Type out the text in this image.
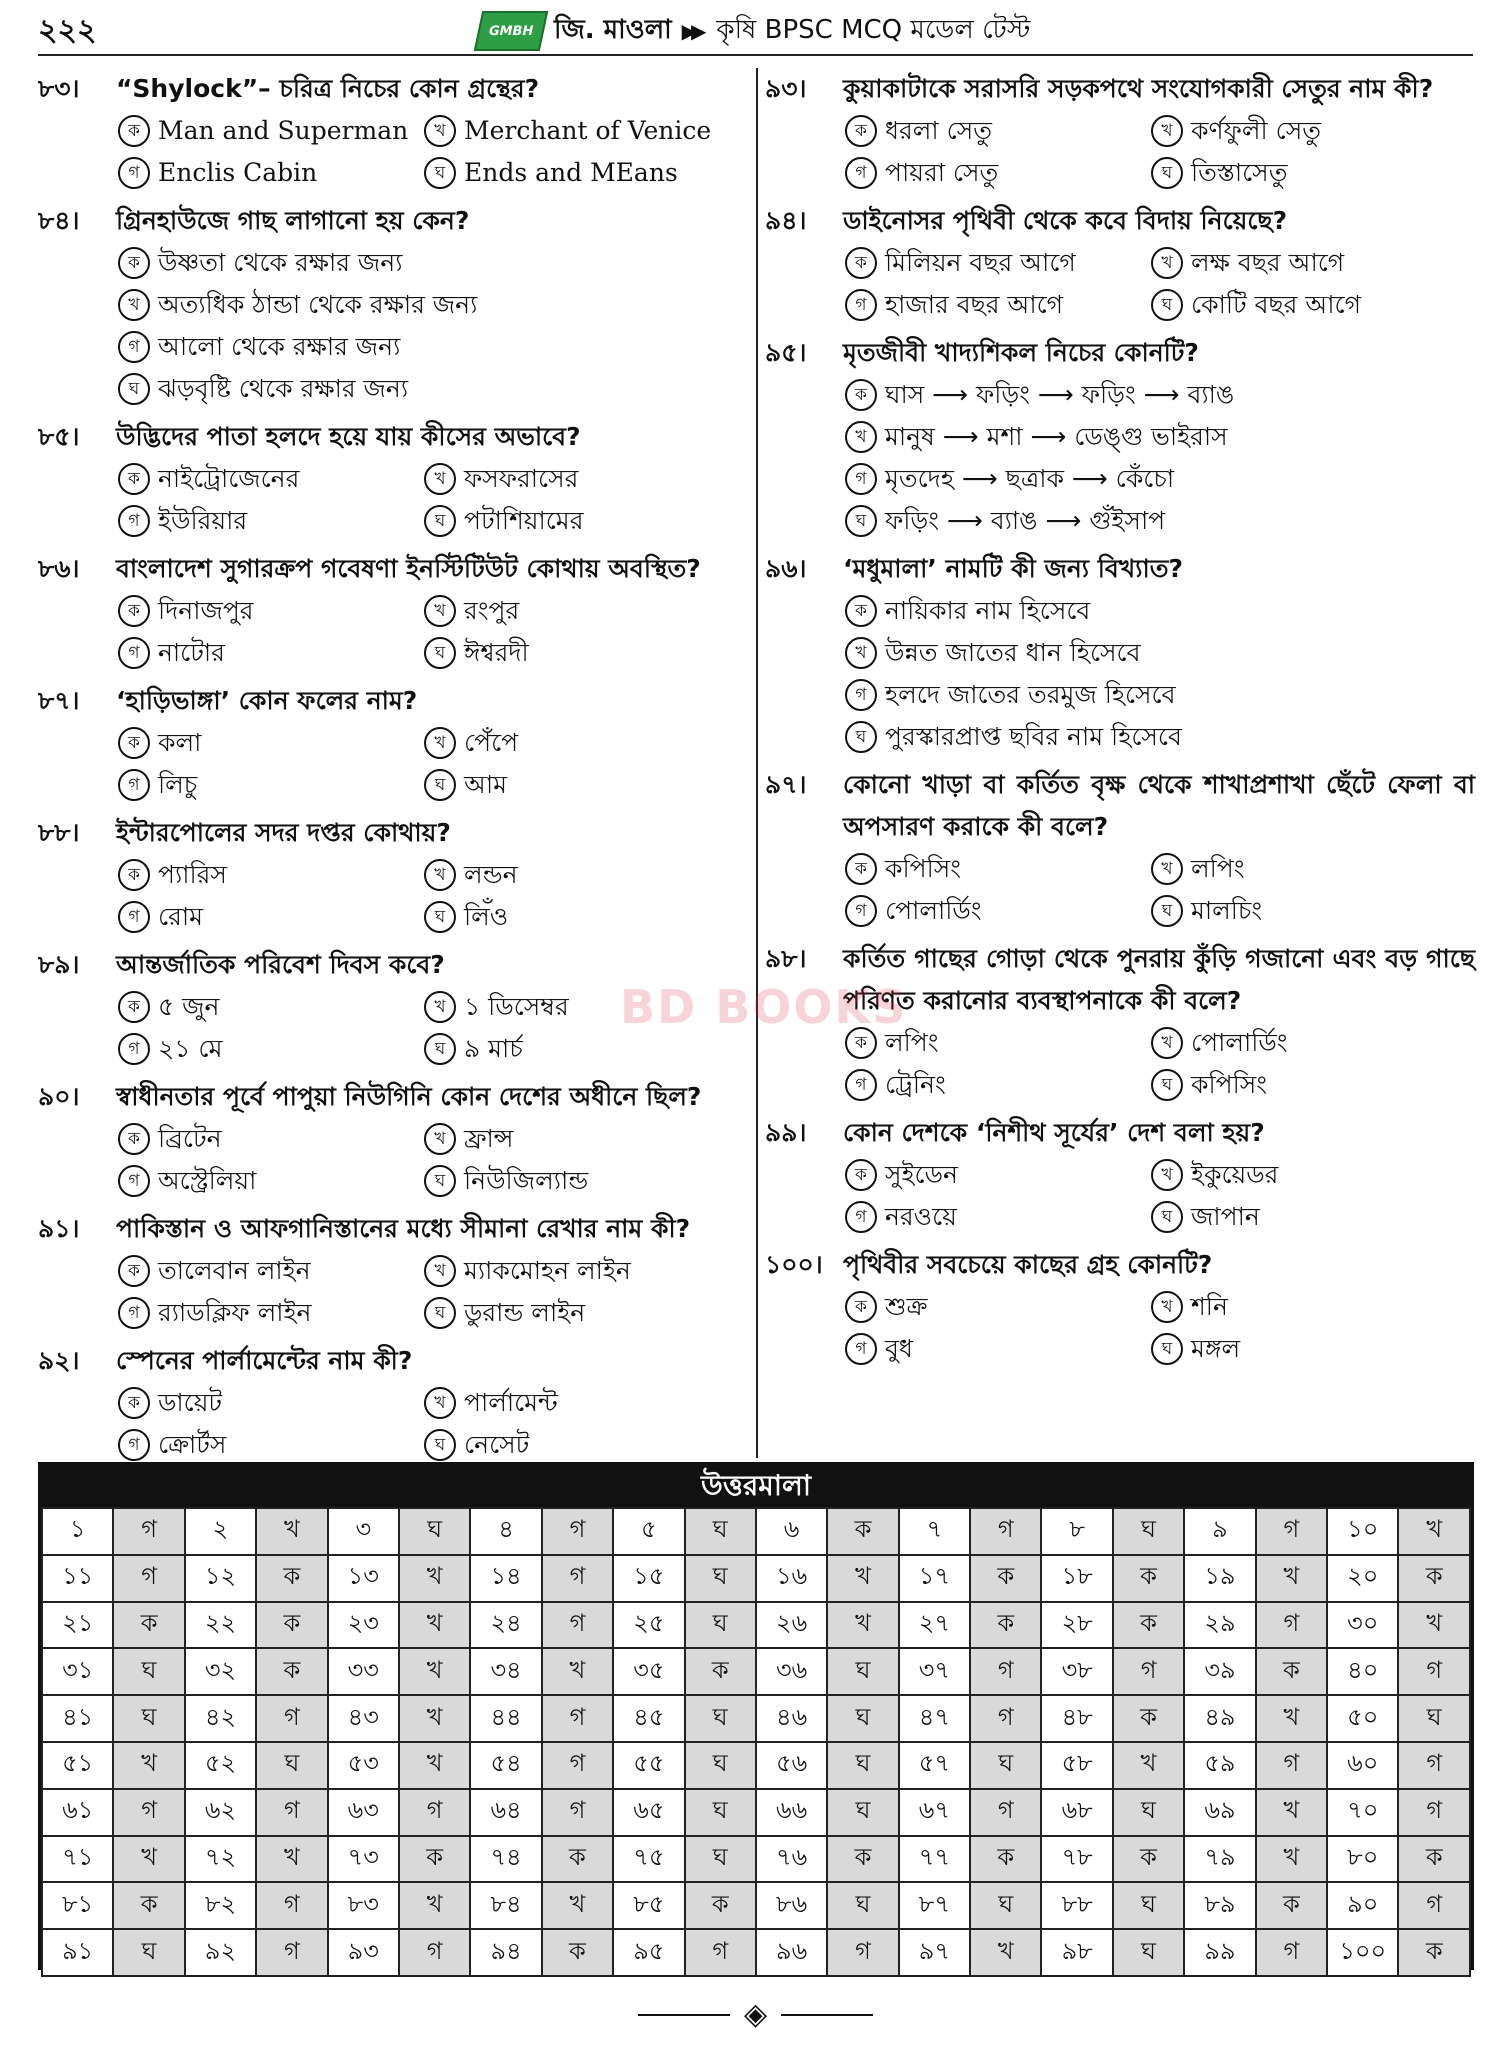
২২২	GMBH জি. মাওলা ▶▶ কৃষি BPSC MCQ মডেল টেস্ট
৮৩।	“Shylock”– চরিত্র নিচের কোন গ্রন্থের?
ক Man and Superman	খ Merchant of Venice
গ Enclis Cabin	ঘ Ends and MEans
৮৪।	গ্রিনহাউজে গাছ লাগানো হয় কেন?
ক উষ্ণতা থেকে রক্ষার জন্য
খ অত্যধিক ঠান্ডা থেকে রক্ষার জন্য
গ আলো থেকে রক্ষার জন্য
ঘ ঝড়বৃষ্টি থেকে রক্ষার জন্য
৮৫।	উদ্ভিদের পাতা হলদে হয়ে যায় কীসের অভাবে?
ক নাইট্রোজেনের	খ ফসফরাসের
গ ইউরিয়ার	ঘ পটাশিয়ামের
৮৬।	বাংলাদেশ সুগারক্রপ গবেষণা ইনস্টিটিউট কোথায় অবস্থিত?
ক দিনাজপুর	খ রংপুর
গ নাটোর	ঘ ঈশ্বরদী
৮৭।	‘হাড়িভাঙ্গা’ কোন ফলের নাম?
ক কলা	খ পেঁপে
গ লিচু	ঘ আম
৮৮।	ইন্টারপোলের সদর দপ্তর কোথায়?
ক প্যারিস	খ লন্ডন
গ রোম	ঘ লিঁও
৮৯।	আন্তর্জাতিক পরিবেশ দিবস কবে?
ক ৫ জুন	খ ১ ডিসেম্বর
গ ২১ মে	ঘ ৯ মার্চ
৯০।	স্বাধীনতার পূর্বে পাপুয়া নিউগিনি কোন দেশের অধীনে ছিল?
ক ব্রিটেন	খ ফ্রান্স
গ অস্ট্রেলিয়া	ঘ নিউজিল্যান্ড
৯১।	পাকিস্তান ও আফগানিস্তানের মধ্যে সীমানা রেখার নাম কী?
ক তালেবান লাইন	খ ম্যাকমোহন লাইন
গ র‌্যাডক্লিফ লাইন	ঘ ডুরান্ড লাইন
৯২।	স্পেনের পার্লামেন্টের নাম কী?
ক ডায়েট	খ পার্লামেন্ট
গ ক্রোর্টস	ঘ নেসেট
৯৩।	কুয়াকাটাকে সরাসরি সড়কপথে সংযোগকারী সেতুর নাম কী?
ক ধরলা সেতু	খ কর্ণফুলী সেতু
গ পায়রা সেতু	ঘ তিস্তাসেতু
৯৪।	ডাইনোসর পৃথিবী থেকে কবে বিদায় নিয়েছে?
ক মিলিয়ন বছর আগে	খ লক্ষ বছর আগে
গ হাজার বছর আগে	ঘ কোটি বছর আগে
৯৫।	মৃতজীবী খাদ্যশিকল নিচের কোনটি?
ক ঘাস ⟶ ফড়িং ⟶ ফড়িং ⟶ ব্যাঙ
খ মানুষ ⟶ মশা ⟶ ডেঙ্গু ভাইরাস
গ মৃতদেহ ⟶ ছত্রাক ⟶ কেঁচো
ঘ ফড়িং ⟶ ব্যাঙ ⟶ গুঁইসাপ
৯৬।	‘মধুমালা’ নামটি কী জন্য বিখ্যাত?
ক নায়িকার নাম হিসেবে
খ উন্নত জাতের ধান হিসেবে
গ হলদে জাতের তরমুজ হিসেবে
ঘ পুরস্কারপ্রাপ্ত ছবির নাম হিসেবে
৯৭।	কোনো খাড়া বা কর্তিত বৃক্ষ থেকে শাখাপ্রশাখা ছেঁটে ফেলা বা অপসারণ করাকে কী বলে?
ক কপিসিং	খ লপিং
গ পোলার্ডিং	ঘ মালচিং
৯৮।	কর্তিত গাছের গোড়া থেকে পুনরায় কুঁড়ি গজানো এবং বড় গাছে পরিণত করানোর ব্যবস্থাপনাকে কী বলে?
ক লপিং	খ পোলার্ডিং
গ ট্রেনিং	ঘ কপিসিং
৯৯।	কোন দেশকে ‘নিশীথ সূর্যের’ দেশ বলা হয়?
ক সুইডেন	খ ইকুয়েডর
গ নরওয়ে	ঘ জাপান
১০০। পৃথিবীর সবচেয়ে কাছের গ্রহ কোনটি?
ক শুক্র	খ শনি
গ বুধ	ঘ মঙ্গল
BD BOOKS
উত্তরমালা
১	গ	২	খ	৩	ঘ	৪	গ	৫	ঘ	৬	ক	৭	গ	৮	ঘ	৯	গ	১০	খ
১১	গ	১২	ক	১৩	খ	১৪	গ	১৫	ঘ	১৬	খ	১৭	ক	১৮	ক	১৯	খ	২০	ক
২১	ক	২২	ক	২৩	খ	২৪	গ	২৫	ঘ	২৬	খ	২৭	ক	২৮	ক	২৯	গ	৩০	খ
৩১	ঘ	৩২	ক	৩৩	খ	৩৪	খ	৩৫	ক	৩৬	ঘ	৩৭	গ	৩৮	গ	৩৯	ক	৪০	গ
৪১	ঘ	৪২	গ	৪৩	খ	৪৪	গ	৪৫	ঘ	৪৬	ঘ	৪৭	গ	৪৮	ক	৪৯	খ	৫০	ঘ
৫১	খ	৫২	ঘ	৫৩	খ	৫৪	গ	৫৫	ঘ	৫৬	ঘ	৫৭	ঘ	৫৮	খ	৫৯	গ	৬০	গ
৬১	গ	৬২	গ	৬৩	গ	৬৪	গ	৬৫	ঘ	৬৬	ঘ	৬৭	গ	৬৮	ঘ	৬৯	খ	৭০	গ
৭১	খ	৭২	খ	৭৩	ক	৭৪	ক	৭৫	ঘ	৭৬	ক	৭৭	ক	৭৮	ক	৭৯	খ	৮০	ক
৮১	ক	৮২	গ	৮৩	খ	৮৪	খ	৮৫	ক	৮৬	ঘ	৮৭	ঘ	৮৮	ঘ	৮৯	ক	৯০	গ
৯১	ঘ	৯২	গ	৯৩	গ	৯৪	ক	৯৫	গ	৯৬	গ	৯৭	খ	৯৮	ঘ	৯৯	গ	১০০	ক
◈
